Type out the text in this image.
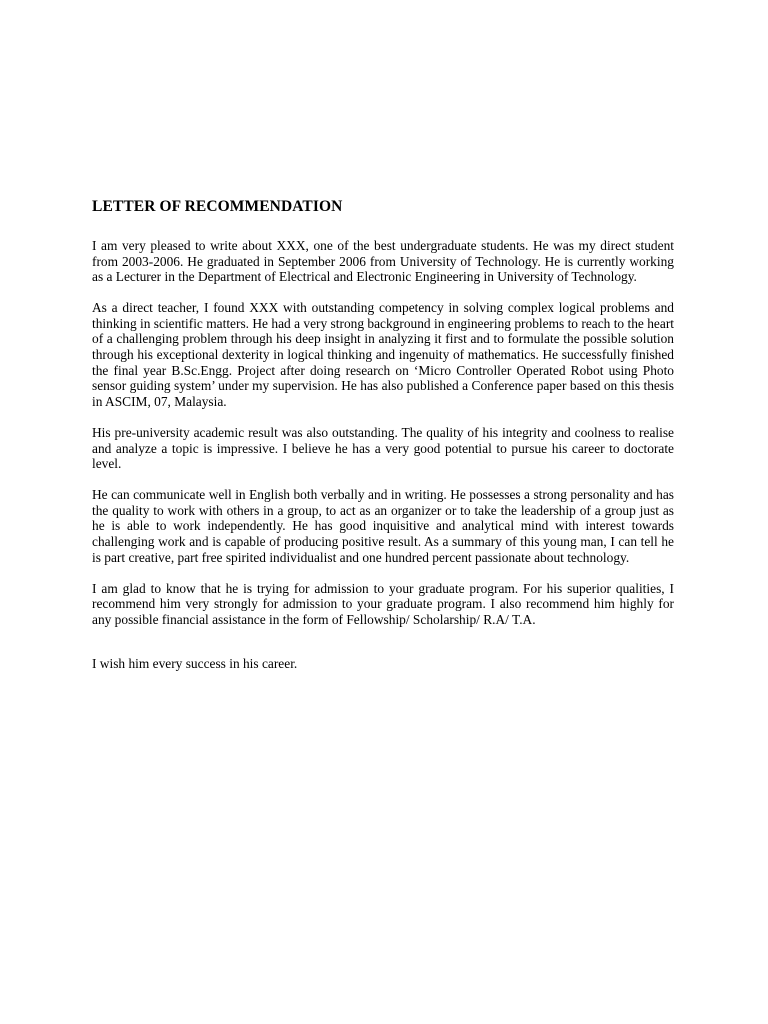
LETTER OF RECOMMENDATION

I am very pleased to write about XXX, one of the best undergraduate students. He was my direct student from 2003-2006. He graduated in September 2006 from University of Technology. He is currently working as a Lecturer in the Department of Electrical and Electronic Engineering in University of Technology.

As a direct teacher, I found XXX with outstanding competency in solving complex logical problems and thinking in scientific matters. He had a very strong background in engineering problems to reach to the heart of a challenging problem through his deep insight in analyzing it first and to formulate the possible solution through his exceptional dexterity in logical thinking and ingenuity of mathematics. He successfully finished the final year B.Sc.Engg. Project after doing research on ‘Micro Controller Operated Robot using Photo sensor guiding system’ under my supervision. He has also published a Conference paper based on this thesis in ASCIM, 07, Malaysia.

His pre-university academic result was also outstanding. The quality of his integrity and coolness to realise and analyze a topic is impressive. I believe he has a very good potential to pursue his career to doctorate level.

He can communicate well in English both verbally and in writing. He possesses a strong personality and has the quality to work with others in a group, to act as an organizer or to take the leadership of a group just as he is able to work independently. He has good inquisitive and analytical mind with interest towards challenging work and is capable of producing positive result. As a summary of this young man, I can tell he is part creative, part free spirited individualist and one hundred percent passionate about technology.

I am glad to know that he is trying for admission to your graduate program. For his superior qualities, I recommend him very strongly for admission to your graduate program. I also recommend him highly for any possible financial assistance in the form of Fellowship/ Scholarship/ R.A/ T.A.

I wish him every success in his career.
